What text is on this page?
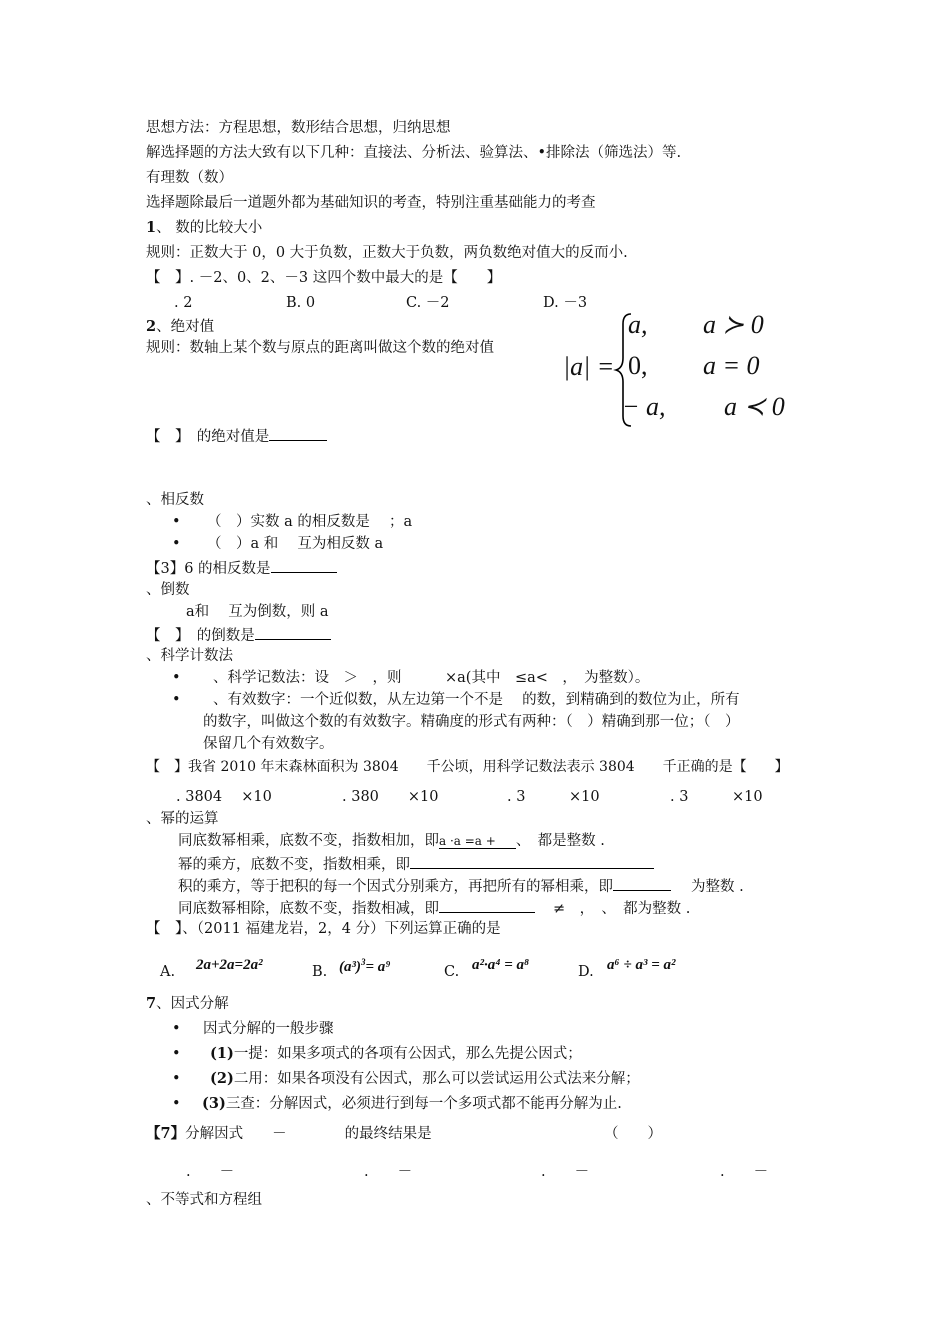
思想方法：方程思想，数形结合思想，归纳思想
解选择题的方法大致有以下几种：直接法、分析法、验算法、•排除法（筛选法）等.
有理数（数）
选择题除最后一道题外都为基础知识的考查，特别注重基础能力的考查
1、 数的比较大小
规则：正数大于 0，0 大于负数，正数大于负数，两负数绝对值大的反而小.
【　】. －2、0、2、－3 这四个数中最大的是【　　】
. 2	B. 0	C. －2	D. －3
2、绝对值
规则：数轴上某个数与原点的距离叫做这个数的绝对值
|a| =
a, a ≻ 0
0, a = 0
− a, a ≺ 0
【　】　的绝对值是
、相反数
• （　）实数 a 的相反数是　 ；a
• （　）a 和　 互为相反数 a
【3】6 的相反数是
、倒数
a和　 互为倒数，则 a
【　】　的倒数是
、科学计数法
• 、科学记数法：设　＞　，则　　　×a(其中　≤a<　，　为整数）。
• 、有效数字：一个近似数，从左边第一个不是　 的数，到精确到的数位为止，所有
的数字，叫做这个数的有效数字。精确度的形式有两种：（　）精确到那一位；（　）
保留几个有效数字。
【　】我省 2010 年末森林面积为 3804　　千公顷，用科学记数法表示 3804　　千正确的是【　　】
. 3804　 ×10	. 380　　×10	. 3　　　×10	. 3　　　×10
、幂的运算
同底数幂相乘，底数不变，指数相加，即a ·a =a + 、　都是整数 .
幂的乘方，底数不变，指数相乘，即
积的乘方，等于把积的每一个因式分别乘方，再把所有的幂相乘，即	为整数 .
同底数幂相除，底数不变，指数相减，即	≠　，　、　都为整数 .
【　】、（2011 福建龙岩，2，4 分）下列运算正确的是
A. 2a+2a=2a²	B. $(a^3)^3= a^9$	C. a²·a⁴ = a⁸	D. a⁶ ÷ a³ = a²
7、因式分解
• 因式分解的一般步骤
• (1)一提：如果多项式的各项有公因式，那么先提公因式；
• (2)二用：如果各项没有公因式，那么可以尝试运用公式法来分解；
• (3)三查：分解因式，必须进行到每一个多项式都不能再分解为止.
【7】分解因式　　－　　　　的最终结果是	（　　）
.　　－	.　　－	.　　－	.　　－
、不等式和方程组
